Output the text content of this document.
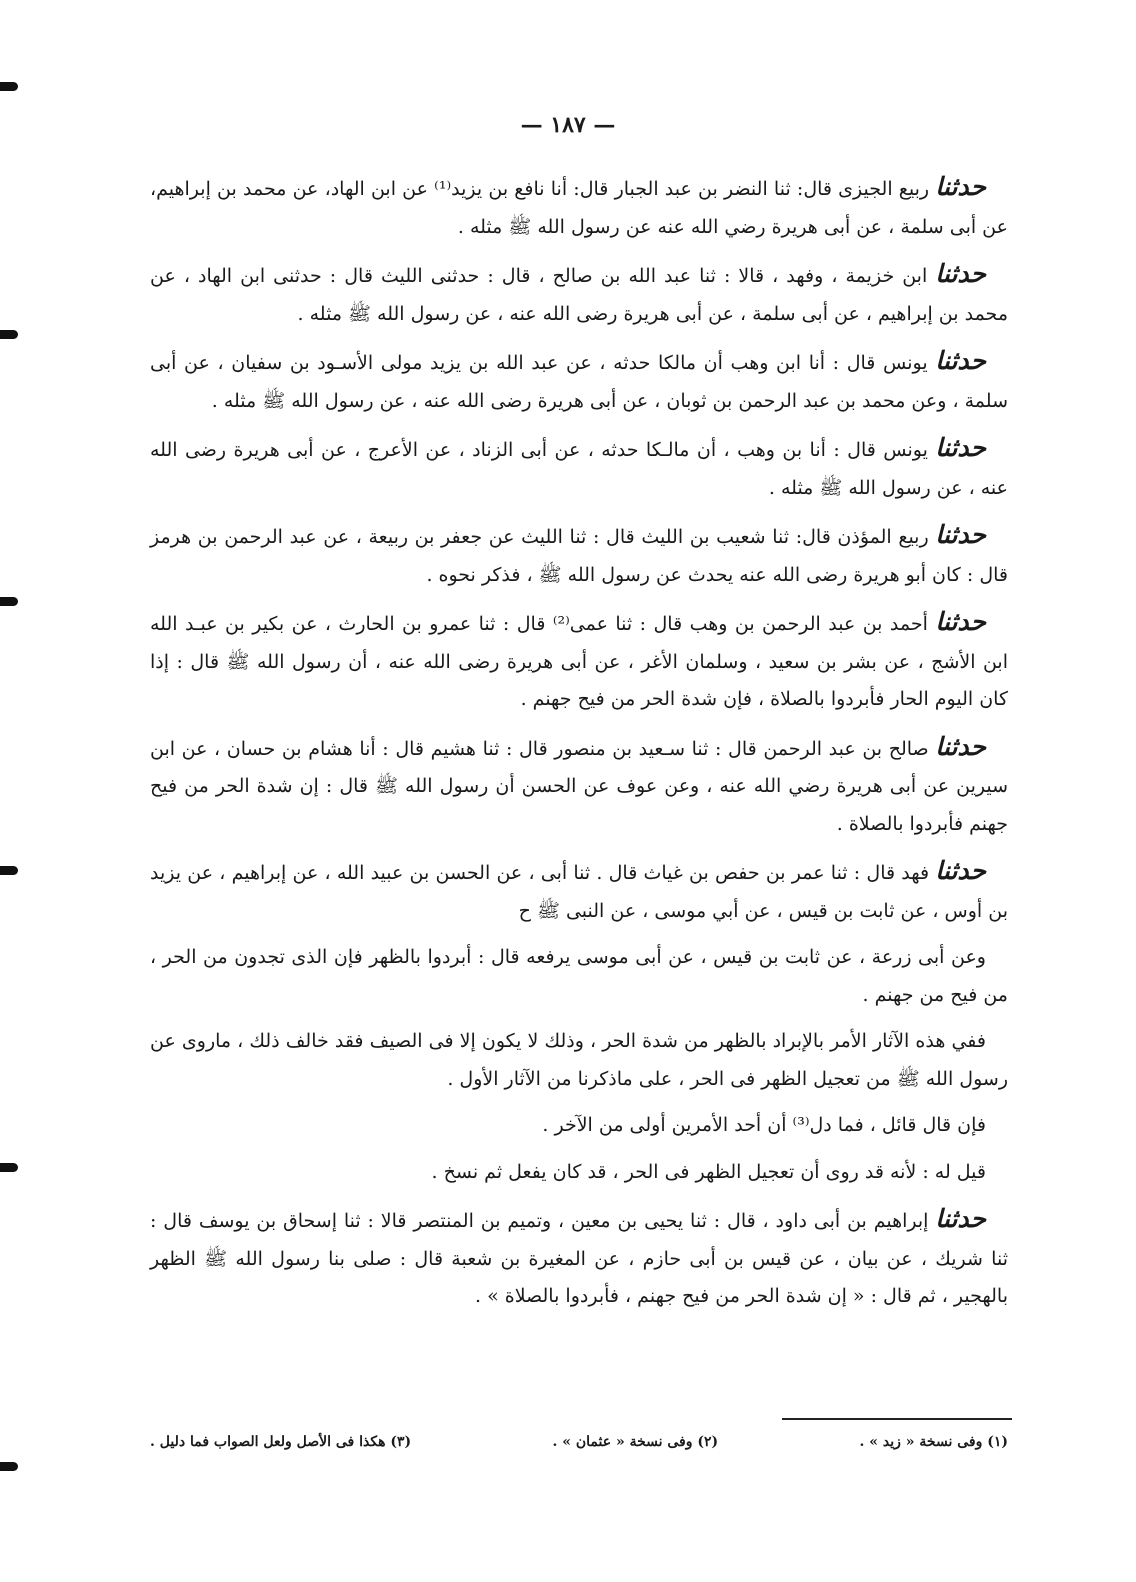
— ١٨٧ —

حدثنا ربيع الجيزى قال: ثنا النضر بن عبد الجبار قال: أنا نافع بن يزيد⁽¹⁾ عن ابن الهاد، عن محمد بن إبراهيم، عن أبى سلمة ، عن أبى هريرة رضي الله عنه عن رسول الله ﷺ مثله .

حدثنا ابن خزيمة ، وفهد ، قالا : ثنا عبد الله بن صالح ، قال : حدثنى الليث قال : حدثنى ابن الهاد ، عن محمد بن إبراهيم ، عن أبى سلمة ، عن أبى هريرة رضى الله عنه ، عن رسول الله ﷺ مثله .

حدثنا يونس قال : أنا ابن وهب أن مالكا حدثه ، عن عبد الله بن يزيد مولى الأسـود بن سفيان ، عن أبى سلمة ، وعن محمد بن عبد الرحمن بن ثوبان ، عن أبى هريرة رضى الله عنه ، عن رسول الله ﷺ مثله .

حدثنا يونس قال : أنا بن وهب ، أن مالـكا حدثه ، عن أبى الزناد ، عن الأعرج ، عن أبى هريرة رضى الله عنه ، عن رسول الله ﷺ مثله .

حدثنا ربيع المؤذن قال: ثنا شعيب بن الليث قال : ثنا الليث عن جعفر بن ربيعة ، عن عبد الرحمن بن هرمز قال : كان أبو هريرة رضى الله عنه يحدث عن رسول الله ﷺ ، فذكر نحوه .

حدثنا أحمد بن عبد الرحمن بن وهب قال : ثنا عمى⁽²⁾ قال : ثنا عمرو بن الحارث ، عن بكير بن عبـد الله ابن الأشج ، عن بشر بن سعيد ، وسلمان الأغر ، عن أبى هريرة رضى الله عنه ، أن رسول الله ﷺ قال : إذا كان اليوم الحار فأبردوا بالصلاة ، فإن شدة الحر من فيح جهنم .

حدثنا صالح بن عبد الرحمن قال : ثنا سـعيد بن منصور قال : ثنا هشيم قال : أنا هشام بن حسان ، عن ابن سيرين عن أبى هريرة رضي الله عنه ، وعن عوف عن الحسن أن رسول الله ﷺ قال : إن شدة الحر من فيح جهنم فأبردوا بالصلاة .

حدثنا فهد قال : ثنا عمر بن حفص بن غياث قال . ثنا أبى ، عن الحسن بن عبيد الله ، عن إبراهيم ، عن يزيد بن أوس ، عن ثابت بن قيس ، عن أبي موسى ، عن النبى ﷺ ح

وعن أبى زرعة ، عن ثابت بن قيس ، عن أبى موسى يرفعه قال : أبردوا بالظهر فإن الذى تجدون من الحر ، من فيح من جهنم .

ففي هذه الآثار الأمر بالإبراد بالظهر من شدة الحر ، وذلك لا يكون إلا فى الصيف فقد خالف ذلك ، ماروى عن رسول الله ﷺ من تعجيل الظهر فى الحر ، على ماذكرنا من الآثار الأول .

فإن قال قائل ، فما دل⁽³⁾ أن أحد الأمرين أولى من الآخر .

قيل له : لأنه قد روى أن تعجيل الظهر فى الحر ، قد كان يفعل ثم نسخ .

حدثنا إبراهيم بن أبى داود ، قال : ثنا يحيى بن معين ، وتميم بن المنتصر قالا : ثنا إسحاق بن يوسف قال : ثنا شريك ، عن بيان ، عن قيس بن أبى حازم ، عن المغيرة بن شعبة قال : صلى بنا رسول الله ﷺ الظهر بالهجير ، ثم قال : « إن شدة الحر من فيح جهنم ، فأبردوا بالصلاة » .

(١) وفى نسخة « زيد » .
(٢) وفى نسخة « عثمان » .
(٣) هكذا فى الأصل ولعل الصواب فما دليل .
